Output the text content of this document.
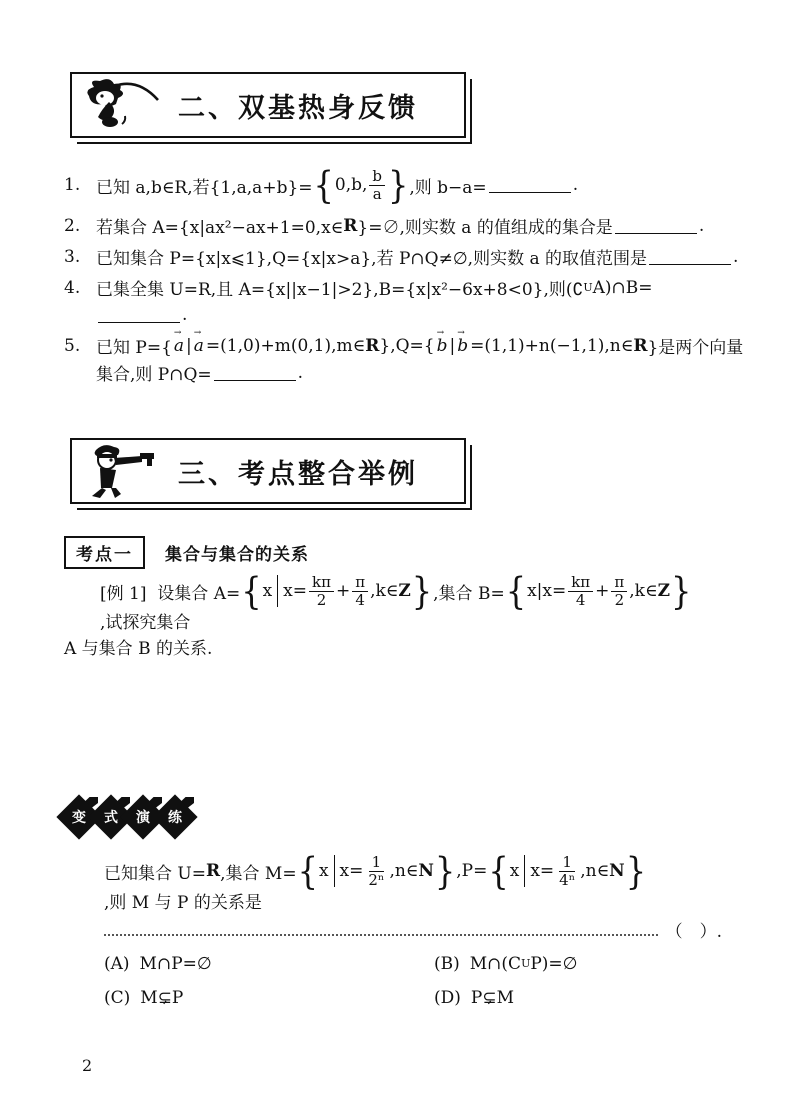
二、双基热身反馈
1. 已知 a,b∈R,若{1,a,a+b}= { 0,b, $\frac{b}{a}$ } ,则 b−a=	.
2. 若集合 A={x|ax²−ax+1=0,x∈ R }=∅,则实数 a 的值组成的集合是	.
3. 已知集合 P={x|x⩽1},Q={x|x>a},若 P∩Q≠∅,则实数 a 的取值范围是	.
4. 已集全集 U=R,且 A={x||x−1|>2},B={x|x²−6x+8<0},则(∁ U A)∩B=
.
5. 已知 P={ → a | → a =(1,0)+m(0,1),m∈ R },Q={ → b | → b =(1,1)+n(−1,1),n∈ R }是两个向量
集合,则 P∩Q=	.
三、考点整合举例
考点一	集合与集合的关系
[例 1]  设集合 A= { x $x= \frac{k\pi}{2} + \frac{\pi}{4}$ ,k∈ Z } ,集合 B= { $x|x= \frac{k\pi}{4} + \frac{\pi}{2}$ ,k∈ Z }
,试探究集合
A 与集合 B 的关系.
变 式 演 练
已知集合 U= R ,集合 M= { x $x= \frac{1}{\text{2ⁿ}}$ ,n∈ N } ,P= { x $x= \frac{1}{\text{4ⁿ}}$ ,n∈ N }
,则 M 与 P 的关系是
（　）.
(A) M∩P=∅	(B) M∩(C U P)=∅
(C) M⊊P	(D) P⊊M
2
